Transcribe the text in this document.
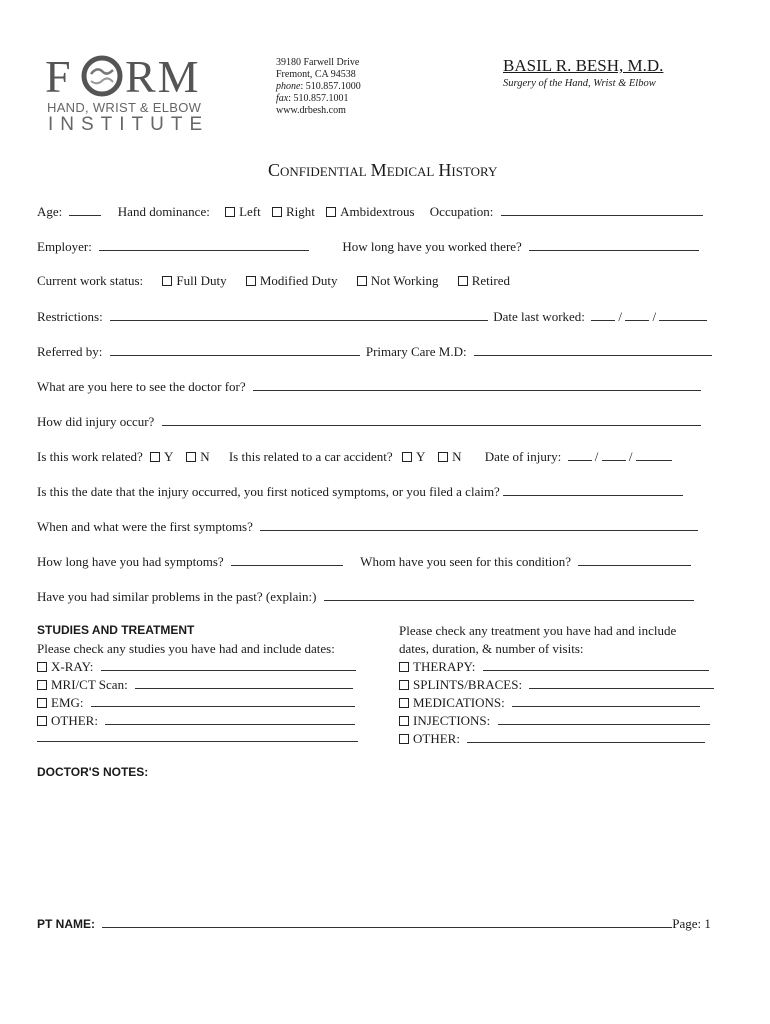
F RM
HAND, WRIST & ELBOW
INSTITUTE
39180 Farwell Drive
Fremont, CA 94538
phone: 510.857.1000
fax: 510.857.1001
www.drbesh.com
BASIL R. BESH, M.D.
Surgery of the Hand, Wrist & Elbow
CONFIDENTIAL MEDICAL HISTORY
Age:	Hand dominance: Left Right Ambidextrous Occupation:
Employer:	How long have you worked there?
Current work status:	Full Duty	Modified Duty	Not Working	Retired
Restrictions:	Date last worked:	/ /
Referred by:	Primary Care M.D:
What are you here to see the doctor for?
How did injury occur?
Is this work related? Y N Is this related to a car accident? Y N Date of injury:	/ /
Is this the date that the injury occurred, you first noticed symptoms, or you filed a claim?
When and what were the first symptoms?
How long have you had symptoms?	Whom have you seen for this condition?
Have you had similar problems in the past? (explain:)
STUDIES AND TREATMENT
Please check any studies you have had and include dates:
X-RAY:
MRI/CT Scan:
EMG:
OTHER:
Please check any treatment you have had and include
dates, duration, & number of visits:
THERAPY:
SPLINTS/BRACES:
MEDICATIONS:
INJECTIONS:
OTHER:
DOCTOR'S NOTES:
PT NAME:	Page: 1
